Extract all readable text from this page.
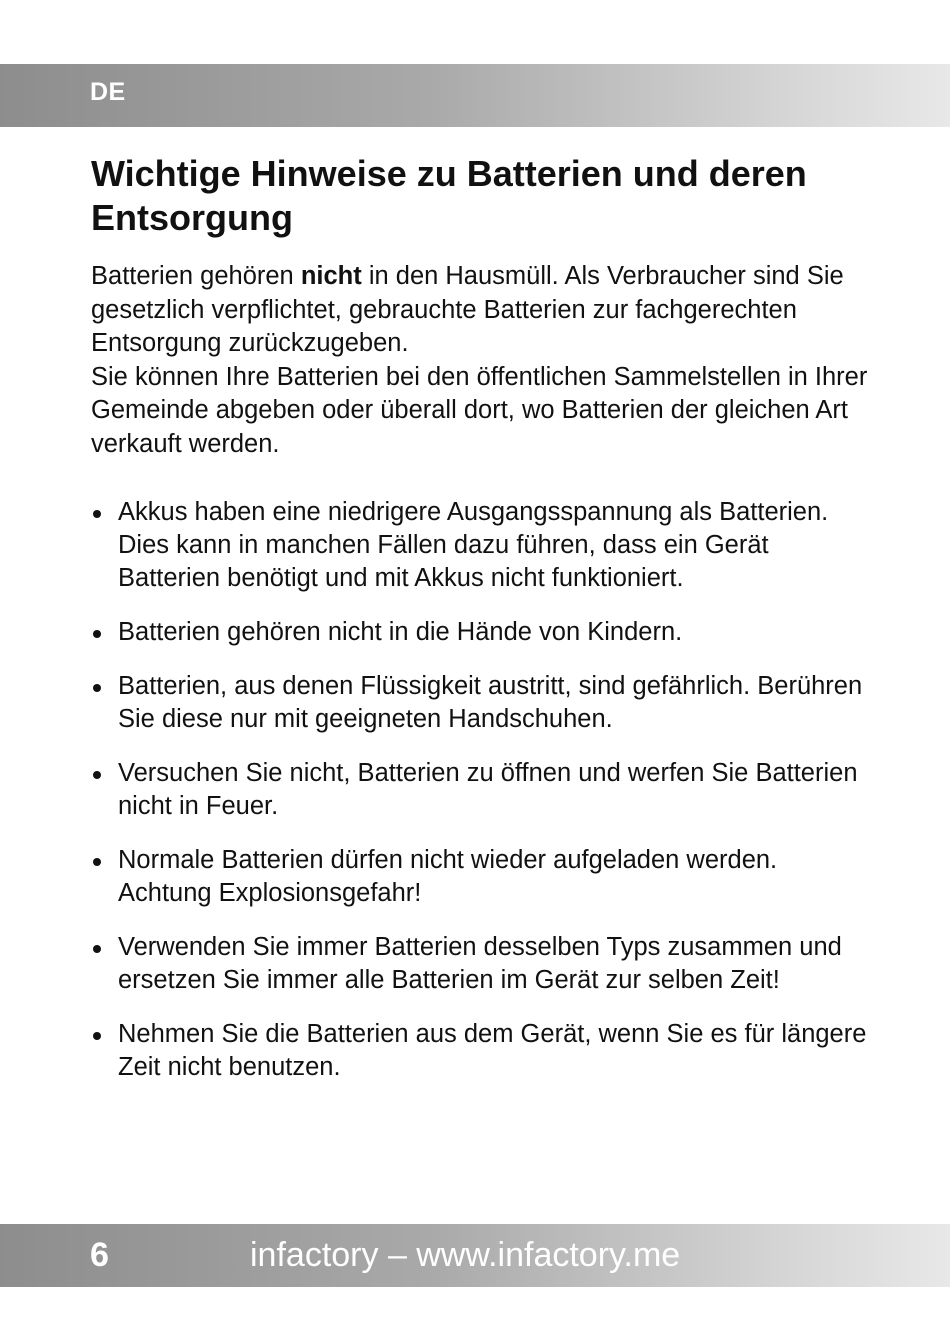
DE
Wichtige Hinweise zu Batterien und deren Entsorgung

Batterien gehören nicht in den Hausmüll. Als Verbraucher sind Sie gesetzlich verpflichtet, gebrauchte Batterien zur fachgerechten Entsorgung zurückzugeben.
Sie können Ihre Batterien bei den öffentlichen Sammelstellen in Ihrer Gemeinde abgeben oder überall dort, wo Batterien der gleichen Art verkauft werden.

Akkus haben eine niedrigere Ausgangsspannung als Batterien. Dies kann in manchen Fällen dazu führen, dass ein Gerät Batterien benötigt und mit Akkus nicht funktioniert.
Batterien gehören nicht in die Hände von Kindern.
Batterien, aus denen Flüssigkeit austritt, sind gefährlich. Berühren Sie diese nur mit geeigneten Handschuhen.
Versuchen Sie nicht, Batterien zu öffnen und werfen Sie Batterien nicht in Feuer.
Normale Batterien dürfen nicht wieder aufgeladen werden. Achtung Explosionsgefahr!
Verwenden Sie immer Batterien desselben Typs zusammen und ersetzen Sie immer alle Batterien im Gerät zur selben Zeit!
Nehmen Sie die Batterien aus dem Gerät, wenn Sie es für längere Zeit nicht benutzen.
6	infactory – www.infactory.me
